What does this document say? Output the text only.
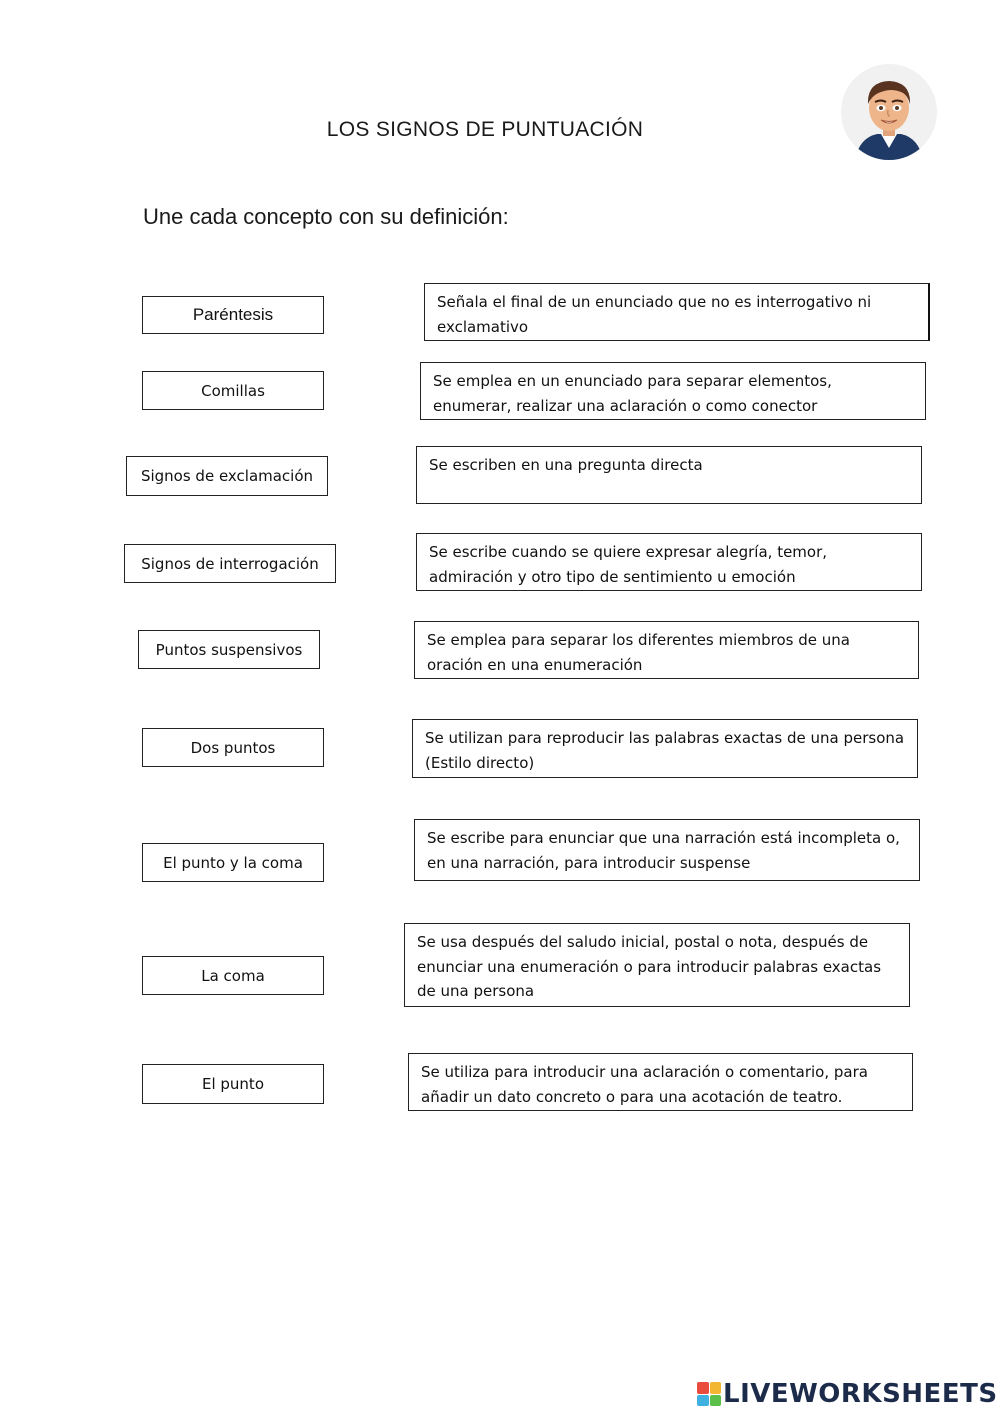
LOS SIGNOS DE PUNTUACIÓN
Une cada concepto con su definición:
Paréntesis
Comillas
Signos de exclamación
Signos de interrogación
Puntos suspensivos
Dos puntos
El punto y la coma
La coma
El punto
Señala el final de un enunciado que no es interrogativo ni exclamativo
Se emplea en un enunciado para separar elementos, enumerar, realizar una aclaración o como conector
Se escriben en una pregunta directa
Se escribe cuando se quiere expresar alegría, temor, admiración y otro tipo de sentimiento u emoción
Se emplea para separar los diferentes miembros de una oración en una enumeración
Se utilizan para reproducir las palabras exactas de una persona (Estilo directo)
Se escribe para enunciar que una narración está incompleta o, en una narración, para introducir suspense
Se usa después del saludo inicial, postal o nota, después de enunciar una enumeración o para introducir palabras exactas de una persona
Se utiliza para introducir una aclaración o comentario, para añadir un dato concreto o para una acotación de teatro.
LIVEWORKSHEETS
